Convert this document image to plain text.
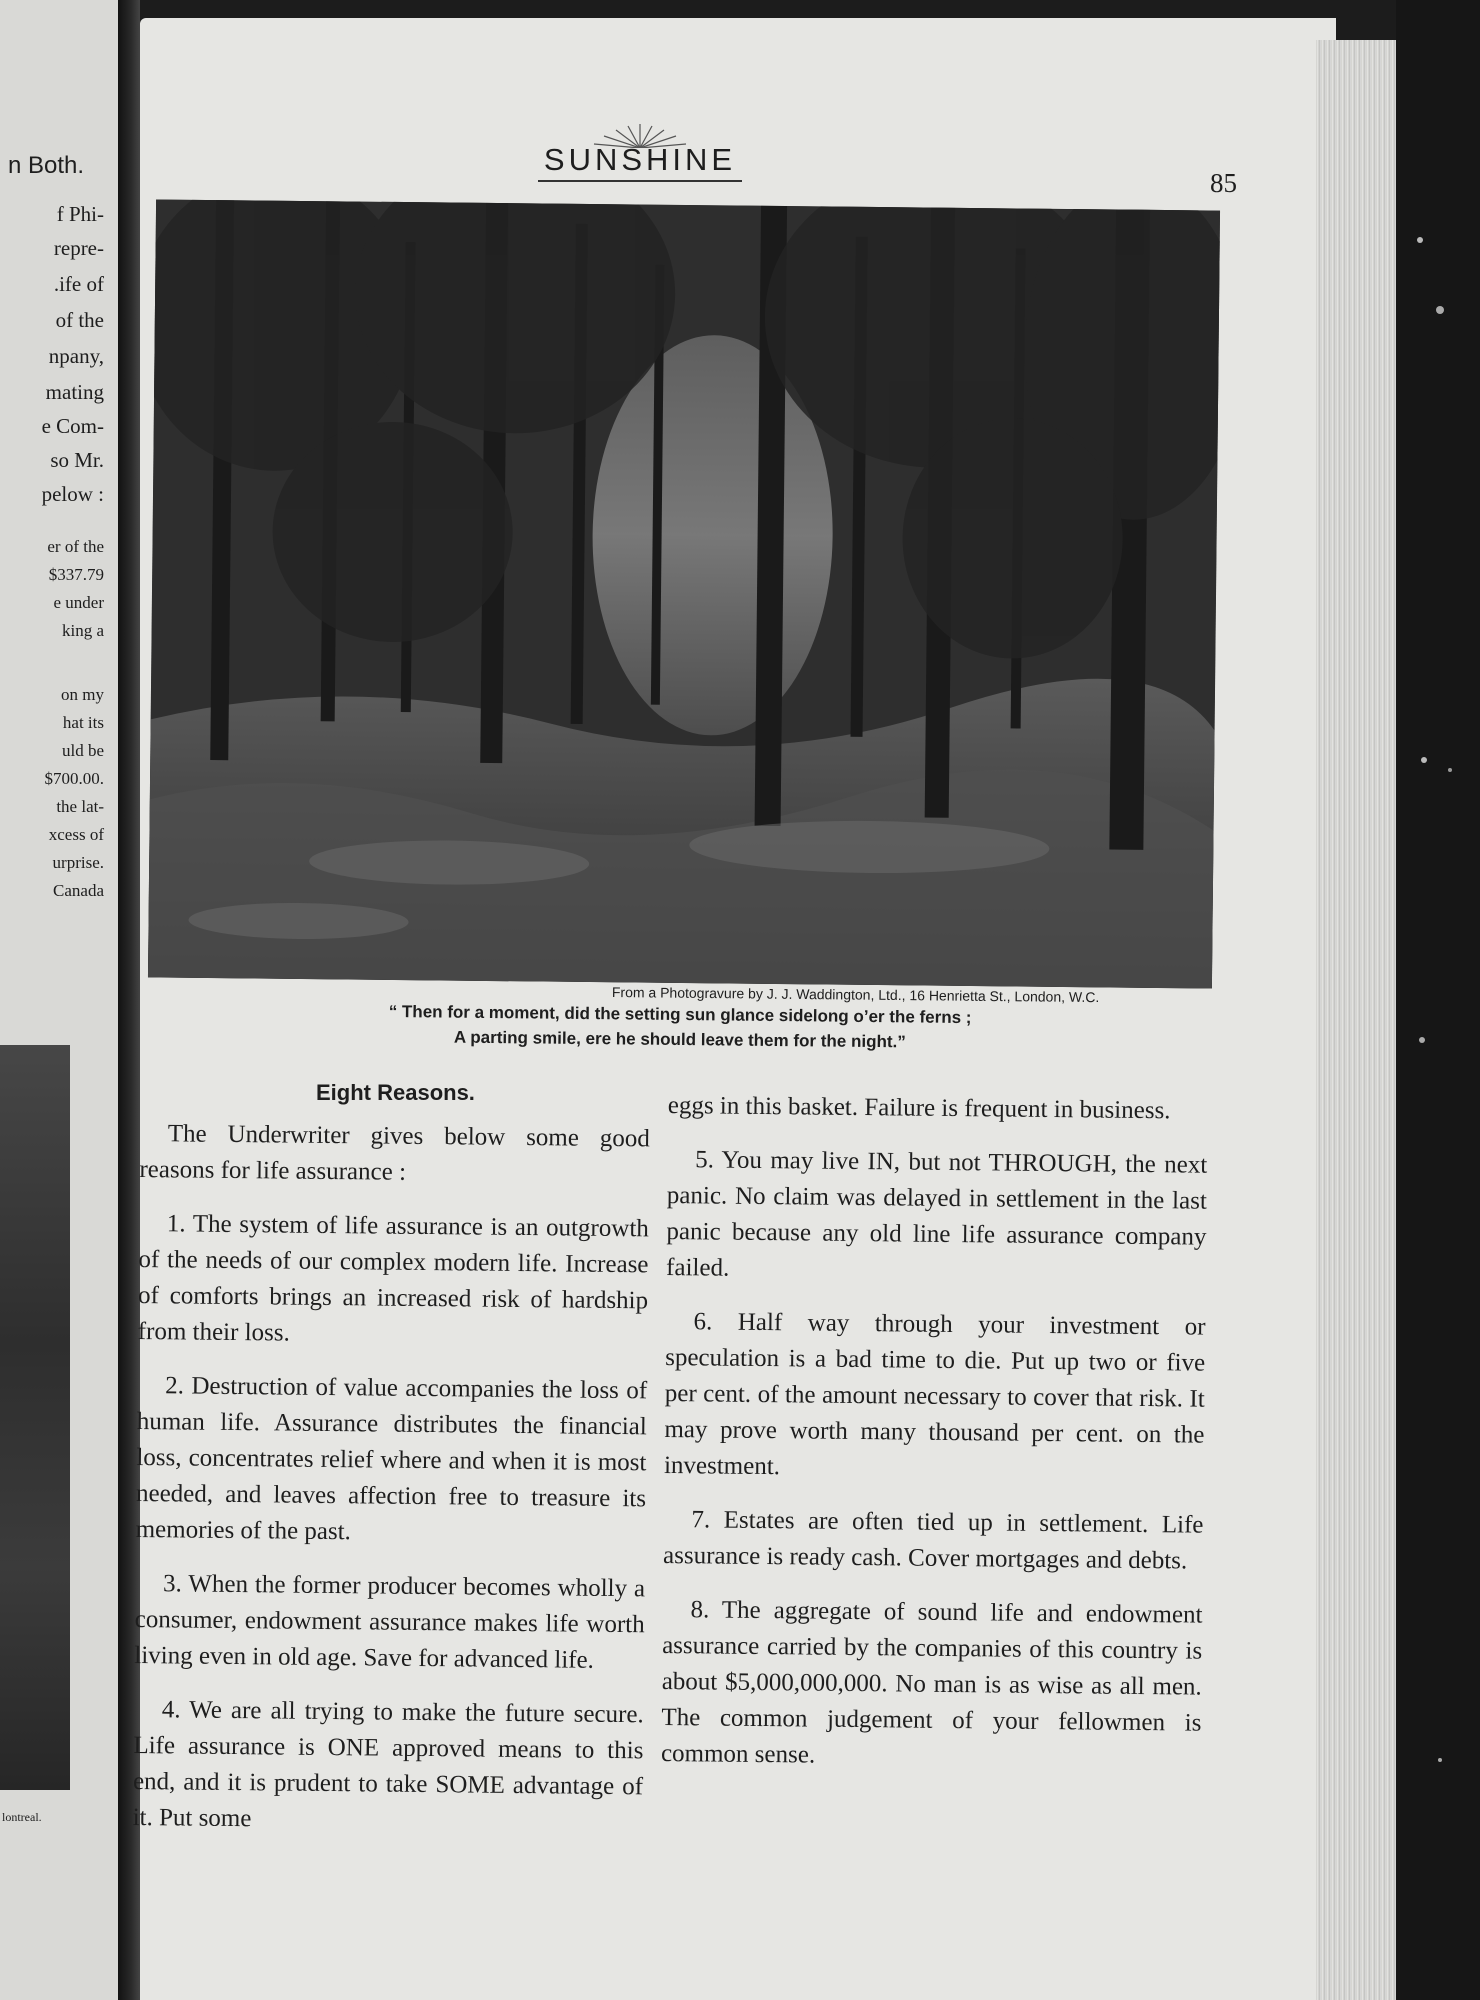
n Both.
f Phi-
repre-
.ife of
of the
npany,
mating
e Com-
so Mr.
pelow :
er of the
$337.79
e under
king a
on my
hat its
uld be
$700.00.
the lat-
xcess of
urprise.
Canada
lontreal.
SUNSHINE
85
From a Photogravure by J. J. Waddington, Ltd., 16 Henrietta St., London, W.C.
“ Then for a moment, did the setting sun glance sidelong o’er the ferns ;
A parting smile, ere he should leave them for the night.”
Eight Reasons.

The Underwriter gives below some good reasons for life assurance :

1. The system of life assurance is an outgrowth of the needs of our complex modern life. Increase of comforts brings an increased risk of hardship from their loss.

2. Destruction of value accompanies the loss of human life. Assurance distributes the financial loss, concentrates relief where and when it is most needed, and leaves affection free to treasure its memories of the past.

3. When the former producer becomes wholly a consumer, endowment assurance makes life worth living even in old age. Save for advanced life.

4. We are all trying to make the future secure. Life assurance is ONE approved means to this end, and it is prudent to take SOME advantage of it. Put some

eggs in this basket. Failure is frequent in business.

5. You may live IN, but not THROUGH, the next panic. No claim was delayed in settlement in the last panic because any old line life assurance company failed.

6. Half way through your investment or speculation is a bad time to die. Put up two or five per cent. of the amount necessary to cover that risk. It may prove worth many thousand per cent. on the investment.

7. Estates are often tied up in settlement. Life assurance is ready cash. Cover mortgages and debts.

8. The aggregate of sound life and endowment assurance carried by the companies of this country is about $5,000,000,000. No man is as wise as all men. The common judgement of your fellowmen is common sense.
